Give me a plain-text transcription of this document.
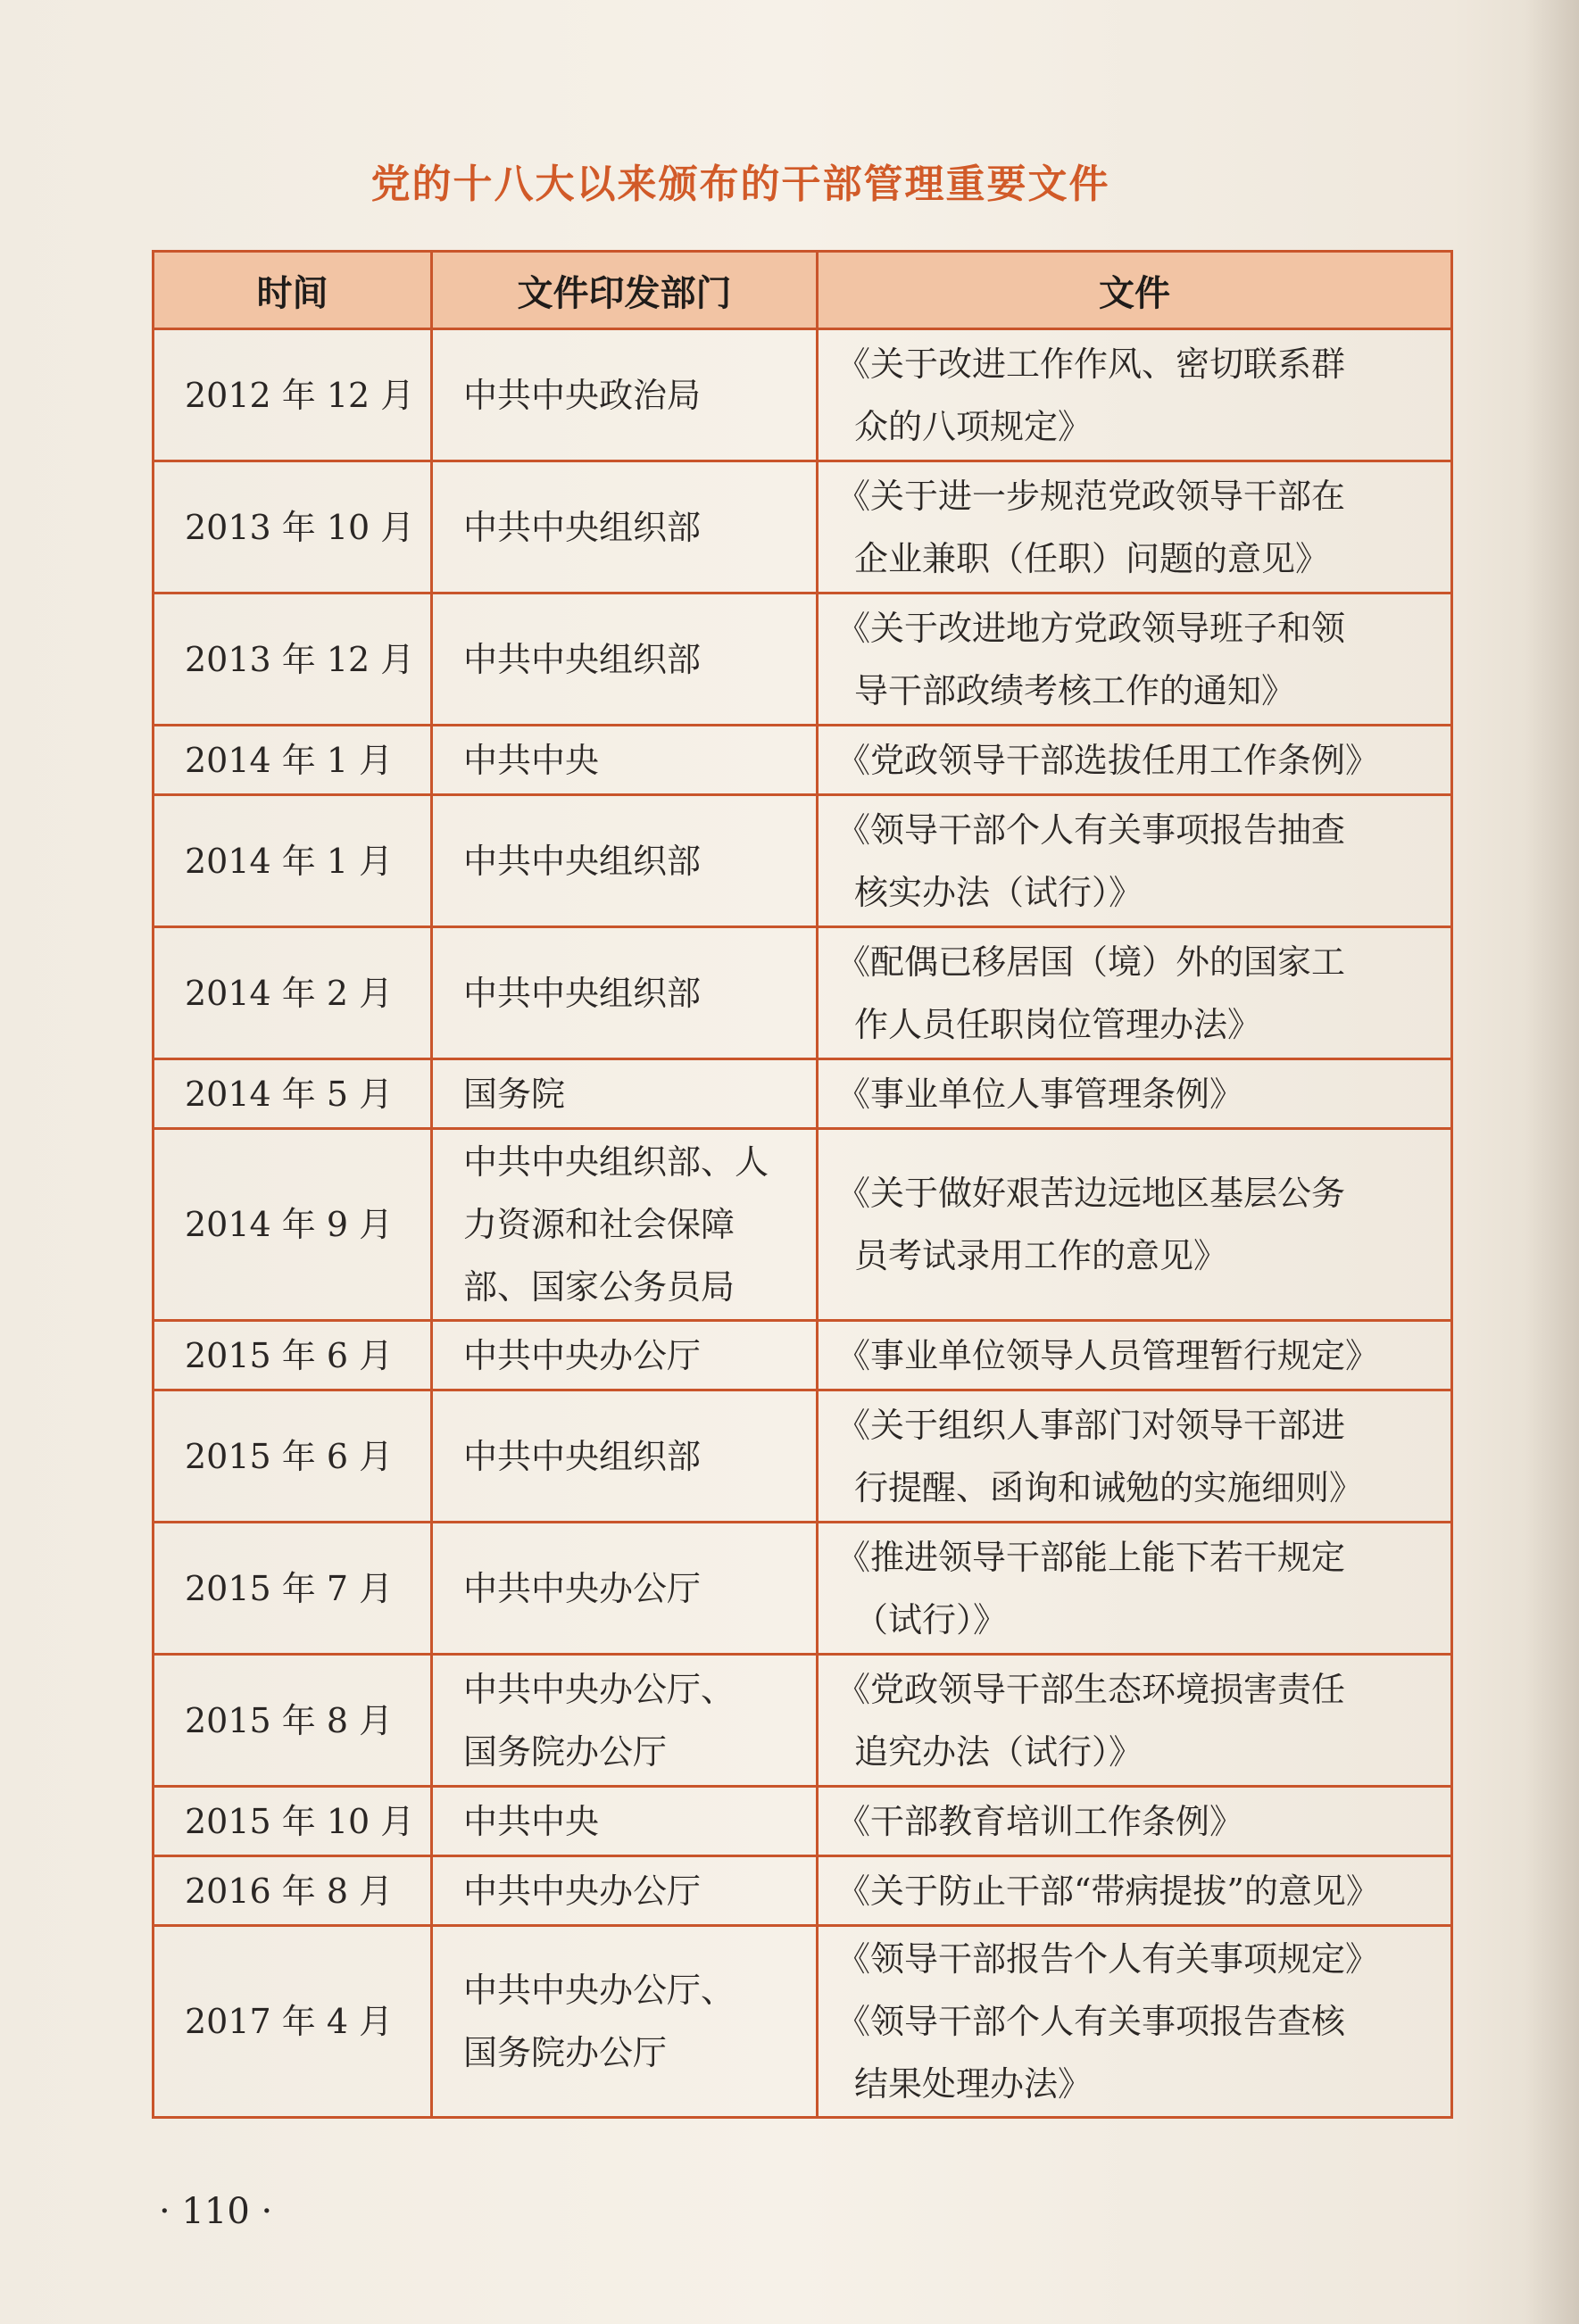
党的十八大以来颁布的干部管理重要文件
时间	文件印发部门	文件
2012 年 12 月	中共中央政治局	《关于改进工作作风、密切联系群
众的八项规定》

2013 年 10 月	中共中央组织部	《关于进一步规范党政领导干部在
企业兼职（任职）问题的意见》

2013 年 12 月	中共中央组织部	《关于改进地方党政领导班子和领
导干部政绩考核工作的通知》

2014 年 1 月	中共中央	《党政领导干部选拔任用工作条例》

2014 年 1 月	中共中央组织部	《领导干部个人有关事项报告抽查
核实办法（试行）》

2014 年 2 月	中共中央组织部	《配偶已移居国（境）外的国家工
作人员任职岗位管理办法》

2014 年 5 月	国务院	《事业单位人事管理条例》

2014 年 9 月	中共中央组织部、人
力资源和社会保障
部、国家公务员局	《关于做好艰苦边远地区基层公务
员考试录用工作的意见》

2015 年 6 月	中共中央办公厅	《事业单位领导人员管理暂行规定》

2015 年 6 月	中共中央组织部	《关于组织人事部门对领导干部进
行提醒、函询和诫勉的实施细则》

2015 年 7 月	中共中央办公厅	《推进领导干部能上能下若干规定
（试行）》

2015 年 8 月	中共中央办公厅、
国务院办公厅	《党政领导干部生态环境损害责任
追究办法（试行）》

2015 年 10 月	中共中央	《干部教育培训工作条例》

2016 年 8 月	中共中央办公厅	《关于防止干部“带病提拔”的意见》

2017 年 4 月	中共中央办公厅、
国务院办公厅	《领导干部报告个人有关事项规定》
《领导干部个人有关事项报告查核
结果处理办法》
· 110 ·
